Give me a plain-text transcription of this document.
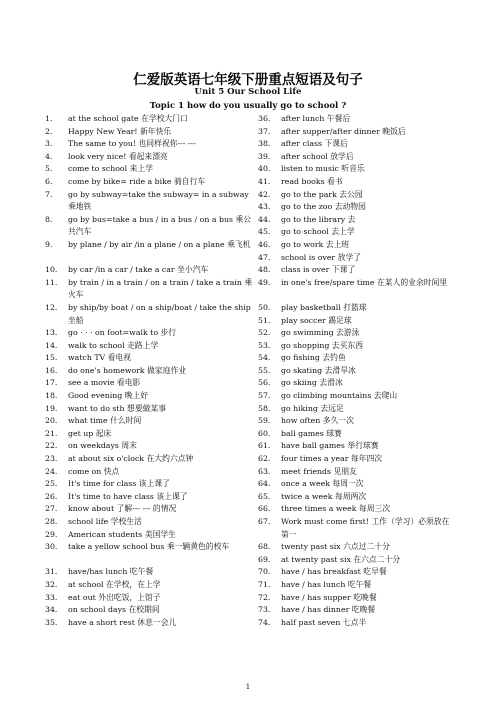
仁爱版英语七年级下册重点短语及句子
Unit 5 Our School Life
Topic 1 how do you usually go to school ?
1.	at the school gate 在学校大门口
2.	Happy New Year! 新年快乐
3.	The same to you! 也同样祝你--- ---
4.	look very nice! 看起来漂亮
5.	come to school 来上学
6.	come by bike= ride a bike 骑自行车
7.	go by subway=take the subway= in a subway 乘地铁
8.	go by bus=take a bus / in a bus / on a bus 乘公共汽车
9.	by plane / by air /in a plane / on a plane 乘飞机
10.	by car /in a car / take a car 坐小汽车
11.	by train / in a train / on a train / take a train 乘火车
12.	by ship/by boat / on a ship/boat / take the ship 坐船
13.	go · · · on foot=walk to 步行
14.	walk to school 走路上学
15.	watch TV 看电视
16.	do one's homework 做家庭作业
17.	see a movie 看电影
18.	Good evening 晚上好
19.	want to do sth 想要做某事
20.	what time 什么时间
21.	get up 起床
22.	on weekdays 周末
23.	at about six o'clock 在大约六点钟
24.	come on 快点
25.	It's time for class 该上课了
26.	It's time to have class 该上课了
27.	know about 了解--- --- 的情况
28.	school life 学校生活
29.	American students 美国学生
30.	take a yellow school bus 乘一辆黄色的校车
31.	have/has lunch 吃午餐
32.	at school 在学校，在上学
33.	eat out 外出吃饭，上馆子
34.	on school days 在校期间
35.	have a short rest 休息一会儿
36.	after lunch 午餐后
37.	after supper/after dinner 晚饭后
38.	after class 下课后
39.	after school 放学后
40.	listen to music 听音乐
41.	read books 看书
42.	go to the park 去公园
43.	go to the zoo 去动物园
44.	go to the library 去
45.	go to school 去上学
46.	go to work 去上班
47.	school is over 放学了
48.	class is over 下课了
49.	in one's free/spare time 在某人的业余时间里
50.	play basketball 打篮球
51.	play soccer 踢足球
52.	go swimming 去游泳
53.	go shopping 去买东西
54.	go fishing 去钓鱼
55.	go skating 去滑旱冰
56.	go skiing 去滑冰
57.	go climbing mountains 去爬山
58.	go hiking 去远足
59.	how often 多久一次
60.	ball games 球赛
61.	have ball games 举行球赛
62.	four times a year 每年四次
63.	meet friends 见朋友
64.	once a week 每周一次
65.	twice a week 每周两次
66.	three times a week 每周三次
67.	Work must come first! 工作（学习）必须放在第一
68.	twenty past six 六点过二十分
69.	at twenty past six 在六点二十分
70.	have / has breakfast 吃早餐
71.	have / has lunch 吃午餐
72.	have / has supper 吃晚餐
73.	have / has dinner 吃晚餐
74.	half past seven 七点半
1
